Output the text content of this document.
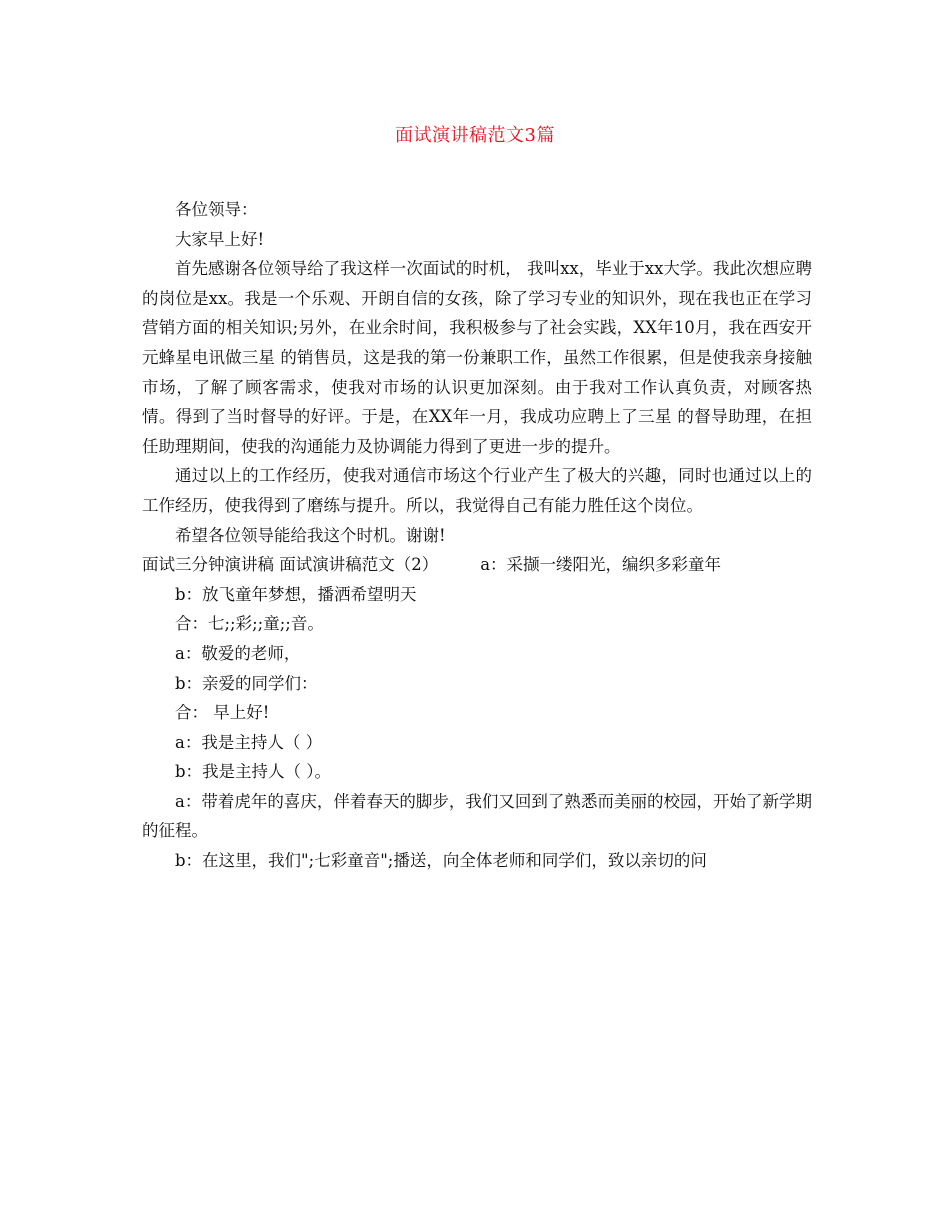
面试演讲稿范文3篇

各位领导：

大家早上好!

首先感谢各位领导给了我这样一次面试的时机， 我叫xx，毕业于xx大学。我此次想应聘的岗位是xx。我是一个乐观、开朗自信的女孩，除了学习专业的知识外，现在我也正在学习营销方面的相关知识;另外，在业余时间，我积极参与了社会实践，XX年10月，我在西安开元蜂星电讯做三星 的销售员，这是我的第一份兼职工作，虽然工作很累，但是使我亲身接触市场，了解了顾客需求，使我对市场的认识更加深刻。由于我对工作认真负责，对顾客热情。得到了当时督导的好评。于是，在XX年一月，我成功应聘上了三星 的督导助理，在担任助理期间，使我的沟通能力及协调能力得到了更进一步的提升。

通过以上的工作经历，使我对通信市场这个行业产生了极大的兴趣，同时也通过以上的工作经历，使我得到了磨练与提升。所以，我觉得自己有能力胜任这个岗位。

希望各位领导能给我这个时机。谢谢!

面试三分钟演讲稿 面试演讲稿范文（2）        a：采撷一缕阳光，编织多彩童年

b：放飞童年梦想，播洒希望明天

合：七;;彩;;童;;音。

a：敬爱的老师，

b：亲爱的同学们：

合： 早上好!

a：我是主持人（ ）

b：我是主持人（ ）。

a：带着虎年的喜庆，伴着春天的脚步，我们又回到了熟悉而美丽的校园，开始了新学期的征程。

b：在这里，我们";七彩童音";播送，向全体老师和同学们，致以亲切的问
